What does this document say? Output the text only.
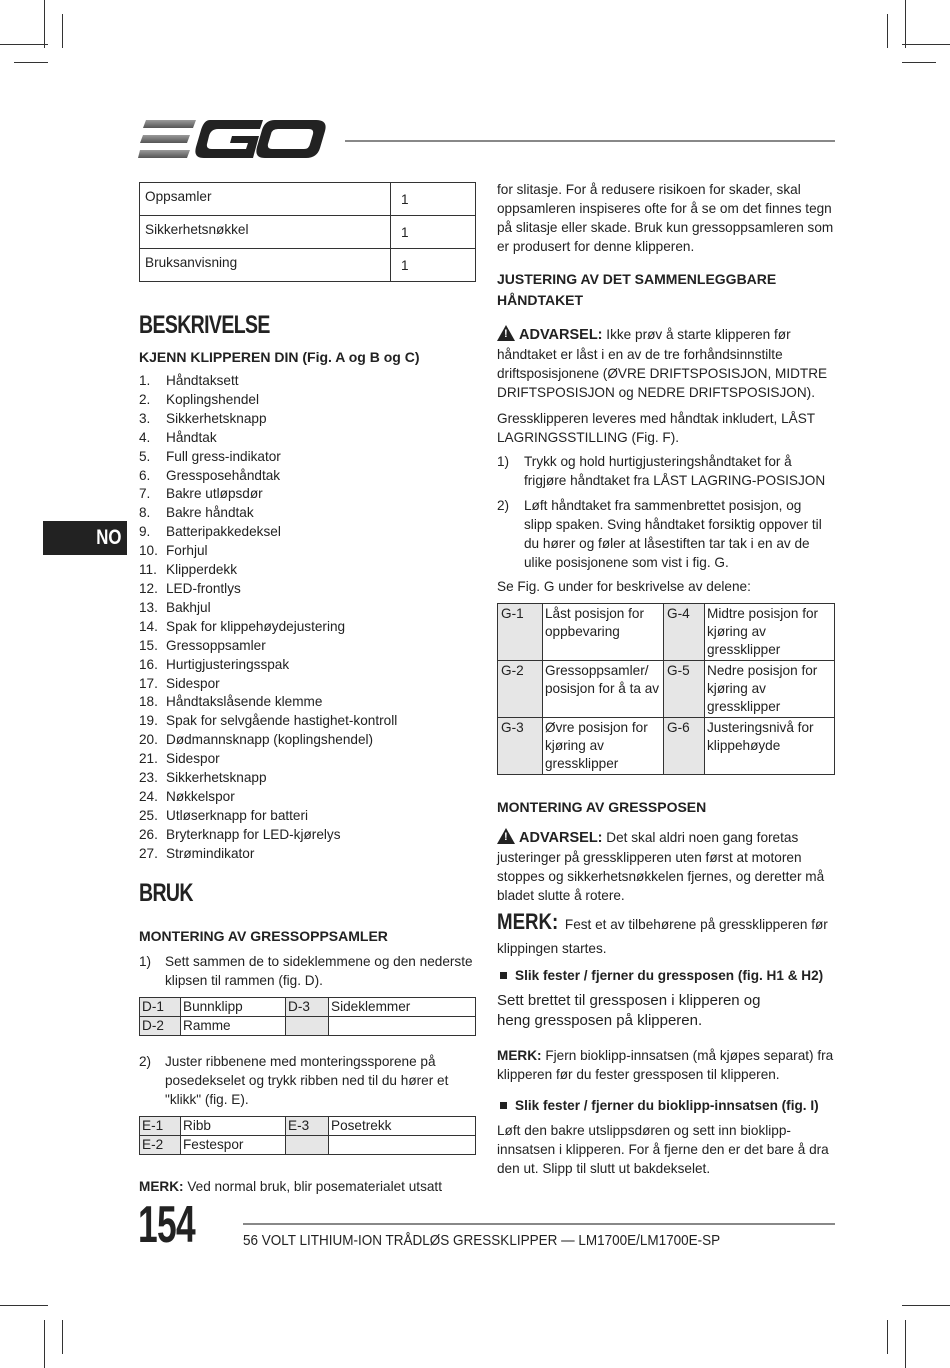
NO
Oppsamler	1
Sikkerhetsnøkkel	1
Bruksanvisning	1
BESKRIVELSE
KJENN KLIPPEREN DIN (Fig. A og B og C)
1. Håndtaksett
2. Koplingshendel
3. Sikkerhetsknapp
4. Håndtak
5. Full gress-indikator
6. Gressposehåndtak
7. Bakre utløpsdør
8. Bakre håndtak
9. Batteripakkedeksel
10. Forhjul
11. Klipperdekk
12. LED-frontlys
13. Bakhjul
14. Spak for klippehøydejustering
15. Gressoppsamler
16. Hurtigjusteringsspak
17. Sidespor
18. Håndtakslåsende klemme
19. Spak for selvgående hastighet-kontroll
20. Dødmannsknapp (koplingshendel)
21. Sidespor
23. Sikkerhetsknapp
24. Nøkkelspor
25. Utløserknapp for batteri
26. Bryterknapp for LED-kjørelys
27. Strømindikator
BRUK
MONTERING AV GRESSOPPSAMLER
1) Sett sammen de to sideklemmene og den nederste klipsen til rammen (fig. D).
D-1	Bunnklipp	D-3	Sideklemmer
D-2	Ramme		
2) Juster ribbenene med monteringssporene på posedekselet og trykk ribben ned til du hører et "klikk" (fig. E).
E-1	Ribb	E-3	Posetrekk
E-2	Festespor		
MERK: Ved normal bruk, blir posematerialet utsatt
for slitasje. For å redusere risikoen for skader, skal oppsamleren inspiseres ofte for å se om det finnes tegn på slitasje eller skade. Bruk kun gressoppsamleren som er produsert for denne klipperen.
JUSTERING AV DET SAMMENLEGGBARE HÅNDTAKET
! ADVARSEL: Ikke prøv å starte klipperen før håndtaket er låst i en av de tre forhåndsinnstilte driftsposisjonene (ØVRE DRIFTSPOSISJON, MIDTRE DRIFTSPOSISJON og NEDRE DRIFTSPOSISJON).
Gressklipperen leveres med håndtak inkludert, LÅST LAGRINGSSTILLING (Fig. F).
1) Trykk og hold hurtigjusteringshåndtaket for å frigjøre håndtaket fra LÅST LAGRING-POSISJON
2) Løft håndtaket fra sammenbrettet posisjon, og slipp spaken. Sving håndtaket forsiktig oppover til du hører og føler at låsestiften tar tak i en av de ulike posisjonene som vist i fig. G.
Se Fig. G under for beskrivelse av delene:
G-1	Låst posisjon for oppbevaring	G-4	Midtre posisjon for kjøring av gressklipper
G-2	Gressoppsamler/ posisjon for å ta av	G-5	Nedre posisjon for kjøring av gressklipper
G-3	Øvre posisjon for kjøring av gressklipper	G-6	Justeringsnivå for klippehøyde
MONTERING AV GRESSPOSEN
! ADVARSEL: Det skal aldri noen gang foretas justeringer på gressklipperen uten først at motoren stoppes og sikkerhetsnøkkelen fjernes, og deretter må bladet slutte å rotere.
MERK: Fest et av tilbehørene på gressklipperen før klippingen startes.
Slik fester / fjerner du gressposen (fig. H1 & H2)
Sett brettet til gressposen i klipperen og heng gressposen på klipperen.
MERK: Fjern bioklipp-innsatsen (må kjøpes separat) fra klipperen før du fester gressposen til klipperen.
Slik fester / fjerner du bioklipp-innsatsen (fig. I)
Løft den bakre utslippsdøren og sett inn bioklipp-innsatsen i klipperen. For å fjerne den er det bare å dra den ut. Slipp til slutt ut bakdekselet.
154	56 VOLT LITHIUM-ION TRÅDLØS GRESSKLIPPER — LM1700E/LM1700E-SP
